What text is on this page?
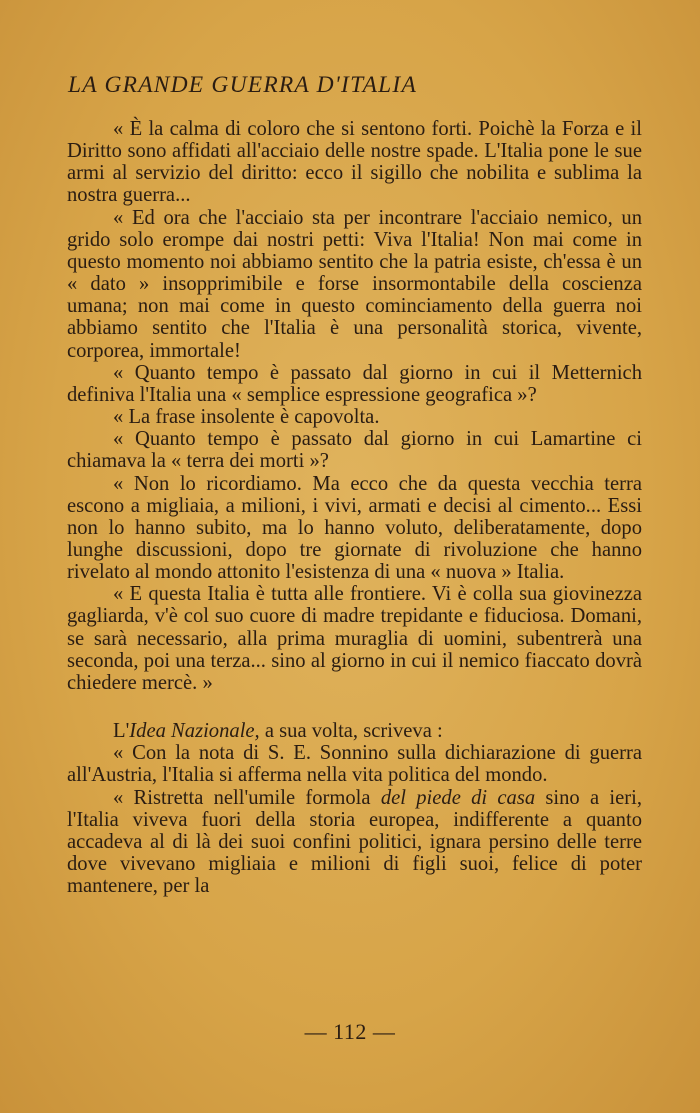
LA GRANDE GUERRA D'ITALIA

« È la calma di coloro che si sentono forti. Poichè la Forza e il Diritto sono affidati all'acciaio delle nostre spade. L'Italia pone le sue armi al servizio del diritto: ecco il sigillo che nobilita e sublima la nostra guerra...

« Ed ora che l'acciaio sta per incontrare l'acciaio nemico, un grido solo erompe dai nostri petti: Viva l'Italia! Non mai come in questo momento noi abbiamo sentito che la patria esiste, ch'essa è un « dato » insopprimibile e forse insormontabile della coscienza umana; non mai come in questo cominciamento della guerra noi abbiamo sentito che l'Italia è una personalità storica, vivente, corporea, immortale!

« Quanto tempo è passato dal giorno in cui il Metternich definiva l'Italia una « semplice espressione geografica »?

« La frase insolente è capovolta.

« Quanto tempo è passato dal giorno in cui Lamartine ci chiamava la « terra dei morti »?

« Non lo ricordiamo. Ma ecco che da questa vecchia terra escono a migliaia, a milioni, i vivi, armati e decisi al cimento... Essi non lo hanno subito, ma lo hanno voluto, deliberatamente, dopo lunghe discussioni, dopo tre giornate di rivoluzione che hanno rivelato al mondo attonito l'esistenza di una « nuova » Italia.

« E questa Italia è tutta alle frontiere. Vi è colla sua giovinezza gagliarda, v'è col suo cuore di madre trepidante e fiduciosa. Domani, se sarà necessario, alla prima muraglia di uomini, subentrerà una seconda, poi una terza... sino al giorno in cui il nemico fiaccato dovrà chiedere mercè. »

L'Idea Nazionale, a sua volta, scriveva :

« Con la nota di S. E. Sonnino sulla dichiarazione di guerra all'Austria, l'Italia si afferma nella vita politica del mondo.

« Ristretta nell'umile formola del piede di casa sino a ieri, l'Italia viveva fuori della storia europea, indifferente a quanto accadeva al di là dei suoi confini politici, ignara persino delle terre dove vivevano migliaia e milioni di figli suoi, felice di poter mantenere, per la

— 112 —
